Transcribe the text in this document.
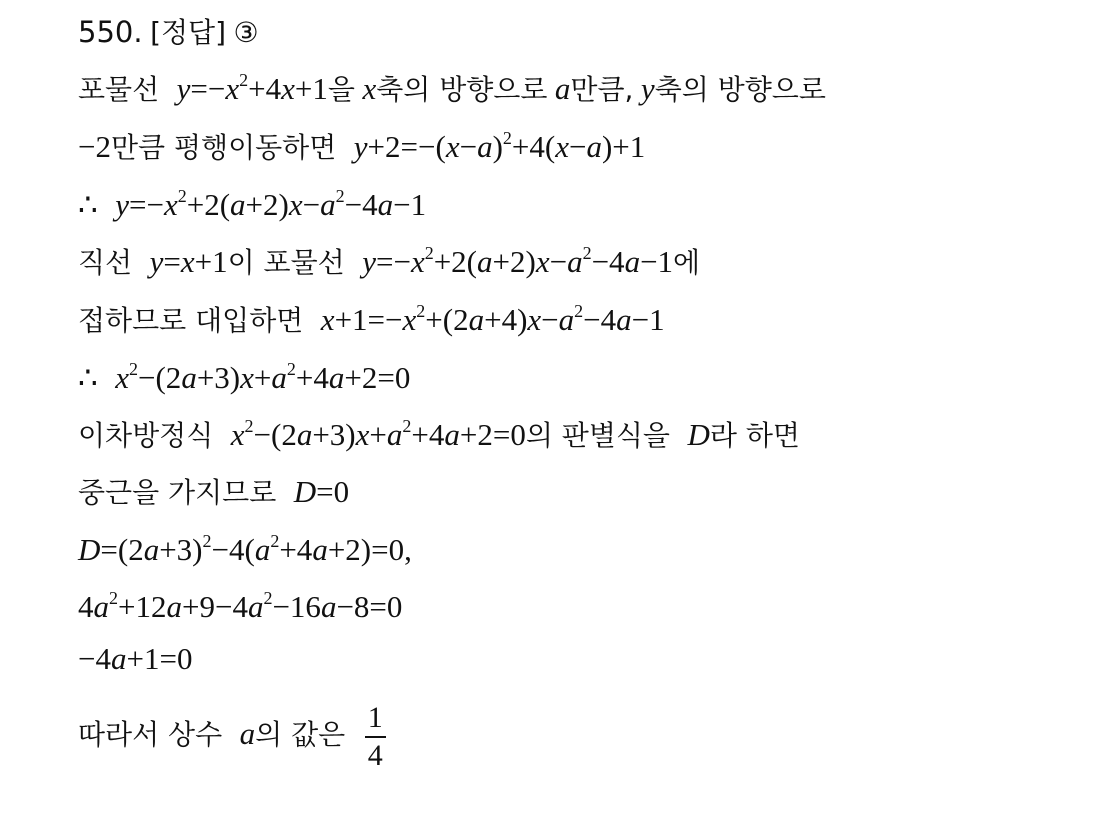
550. [정답] ③
포물선 $y=-x^2+4x+1$을 x축의 방향으로 a만큼, y축의 방향으로
−2만큼 평행이동하면 $y+2=-(x-a)^2+4(x-a)+1$
∴ $y=-x^2+2(a+2)x-a^2-4a-1$
직선 y=x+1이 포물선 $y=-x^2+2(a+2)x-a^2-4a-1$에
접하므로 대입하면 $x+1=-x^2+(2a+4)x-a^2-4a-1$
∴ $x^2-(2a+3)x+a^2+4a+2=0$
이차방정식 $x^2-(2a+3)x+a^2+4a+2=0$의 판별식을 D라 하면
중근을 가지므로 D=0
$D=(2a+3)^2-4(a^2+4a+2)=0$,
$4a^2+12a+9-4a^2-16a-8=0$
−4a+1=0
따라서 상수 a의 값은 $\frac{1}{4}$
